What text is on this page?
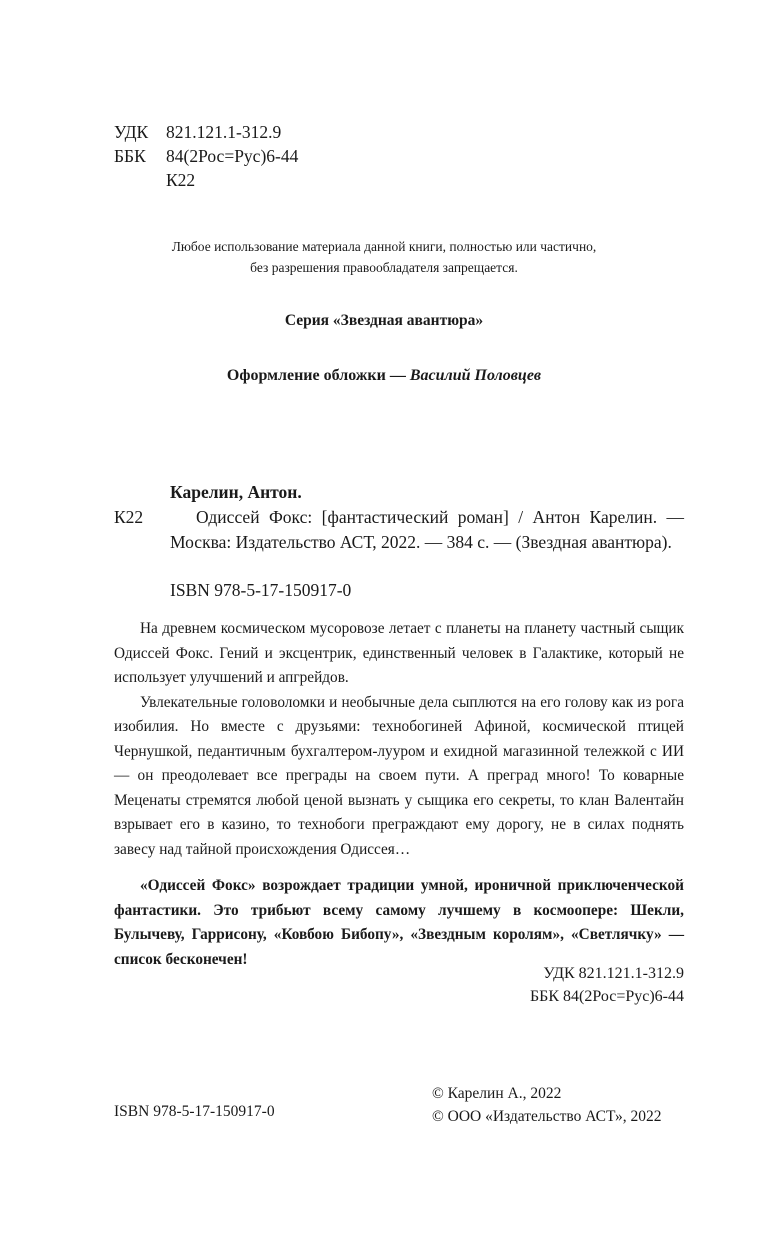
УДК 821.121.1-312.9
ББК 84(2Рос=Рус)6-44
К22
Любое использование материала данной книги, полностью или частично,
без разрешения правообладателя запрещается.
Серия «Звездная авантюра»
Оформление обложки — Василий Половцев
К22
Карелин, Антон.
Одиссей Фокс: [фантастический роман] / Антон Карелин. — Москва: Издательство АСТ, 2022. — 384 с. — (Звездная авантюра).
ISBN 978-5-17-150917-0

На древнем космическом мусоровозе летает с планеты на планету частный сыщик Одиссей Фокс. Гений и эксцентрик, единственный человек в Галактике, который не использует улучшений и апгрейдов.

Увлекательные головоломки и необычные дела сыплются на его голову как из рога изобилия. Но вместе с друзьями: технобогиней Афиной, космической птицей Чернушкой, педантичным бухгалтером-лууром и ехидной магазинной тележкой с ИИ — он преодолевает все преграды на своем пути. А преград много! То коварные Меценаты стремятся любой ценой вызнать у сыщика его секреты, то клан Валентайн взрывает его в казино, то технобоги преграждают ему дорогу, не в силах поднять завесу над тайной происхождения Одиссея…

«Одиссей Фокс» возрождает традиции умной, ироничной приключенческой фантастики. Это трибьют всему самому лучшему в космоопере: Шекли, Булычеву, Гаррисону, «Ковбою Бибопу», «Звездным королям», «Светлячку» — список бесконечен!

УДК 821.121.1-312.9
ББК 84(2Рос=Рус)6-44
ISBN 978-5-17-150917-0
© Карелин А., 2022
© ООО «Издательство АСТ», 2022
